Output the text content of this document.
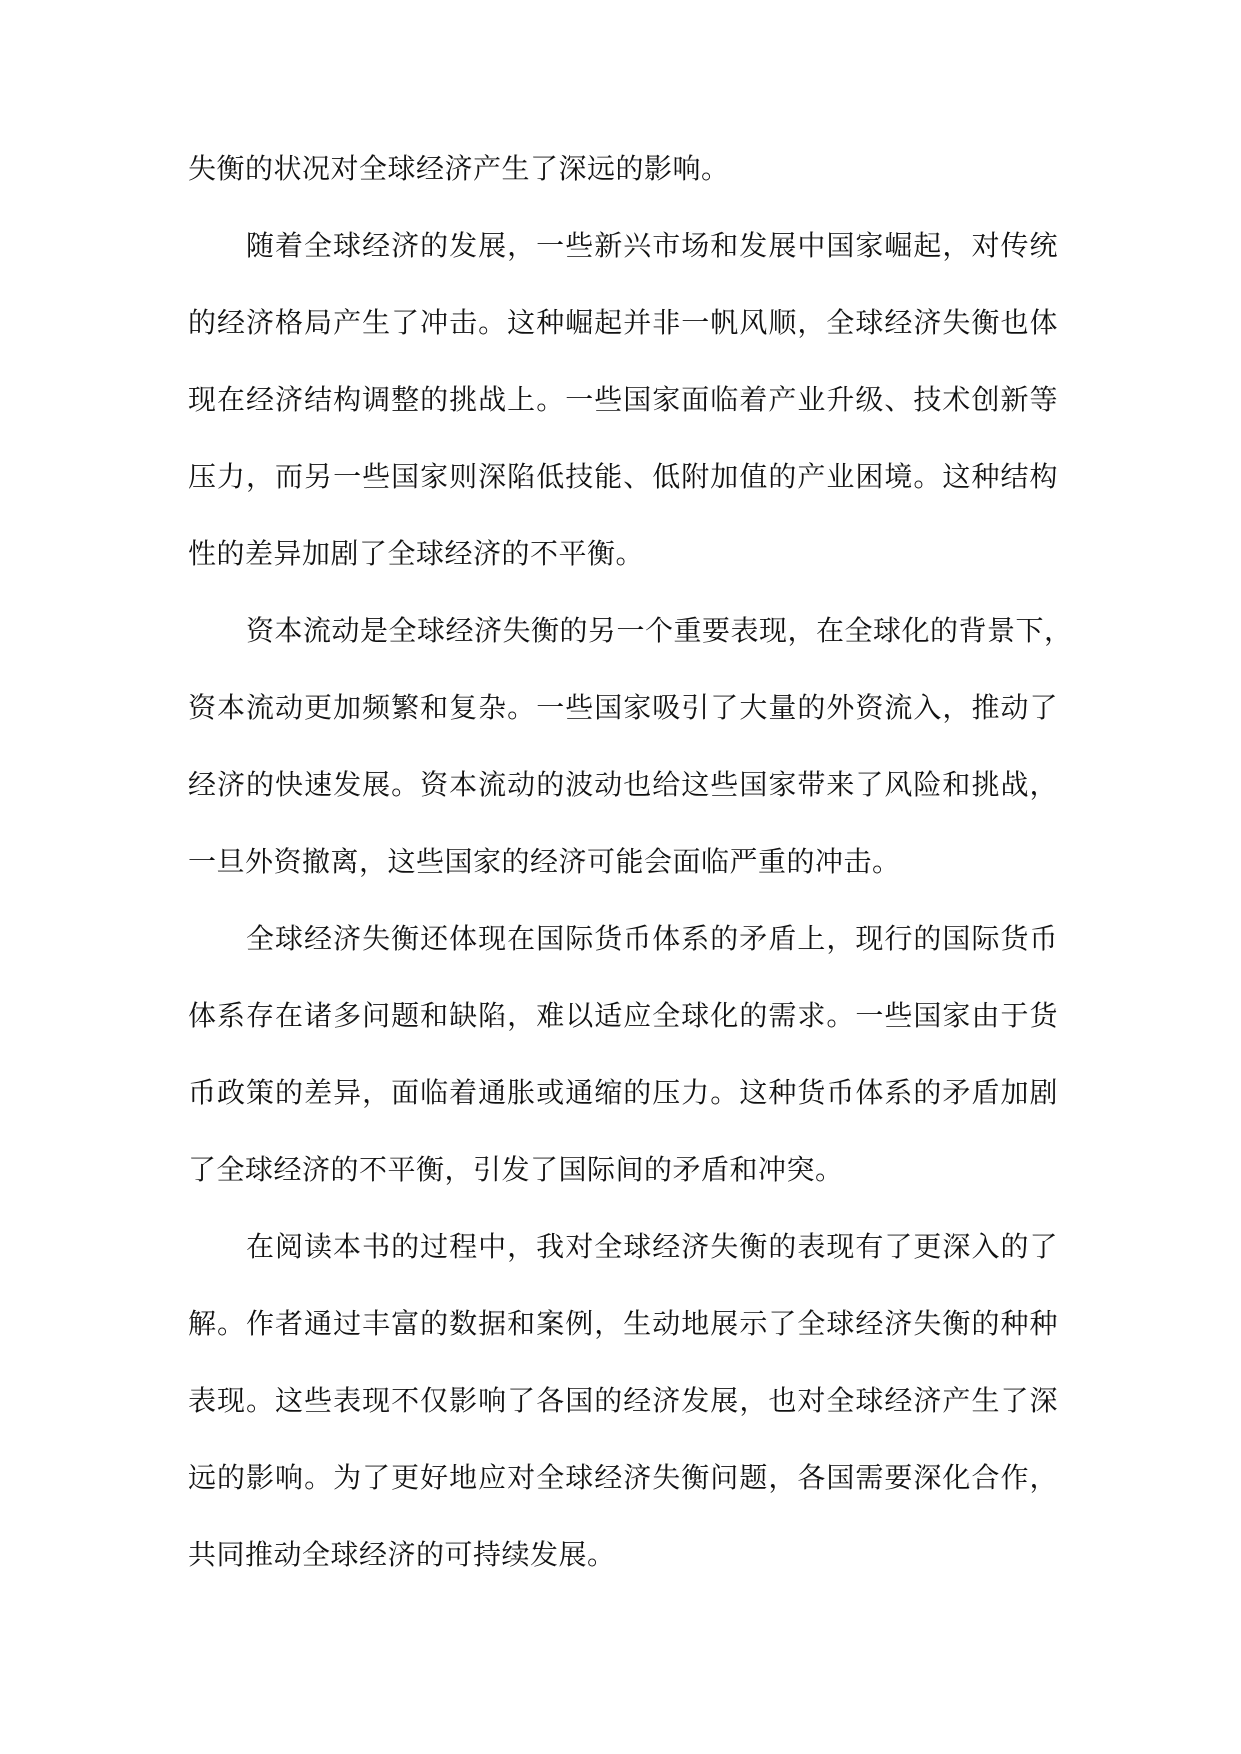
失衡的状况对全球经济产生了深远的影响。
随着全球经济的发展，一些新兴市场和发展中国家崛起，对传统
的经济格局产生了冲击。这种崛起并非一帆风顺，全球经济失衡也体
现在经济结构调整的挑战上。一些国家面临着产业升级、技术创新等
压力，而另一些国家则深陷低技能、低附加值的产业困境。这种结构
性的差异加剧了全球经济的不平衡。
资本流动是全球经济失衡的另一个重要表现，在全球化的背景下，
资本流动更加频繁和复杂。一些国家吸引了大量的外资流入，推动了
经济的快速发展。资本流动的波动也给这些国家带来了风险和挑战，
一旦外资撤离，这些国家的经济可能会面临严重的冲击。
全球经济失衡还体现在国际货币体系的矛盾上，现行的国际货币
体系存在诸多问题和缺陷，难以适应全球化的需求。一些国家由于货
币政策的差异，面临着通胀或通缩的压力。这种货币体系的矛盾加剧
了全球经济的不平衡，引发了国际间的矛盾和冲突。
在阅读本书的过程中，我对全球经济失衡的表现有了更深入的了
解。作者通过丰富的数据和案例，生动地展示了全球经济失衡的种种
表现。这些表现不仅影响了各国的经济发展，也对全球经济产生了深
远的影响。为了更好地应对全球经济失衡问题，各国需要深化合作，
共同推动全球经济的可持续发展。
